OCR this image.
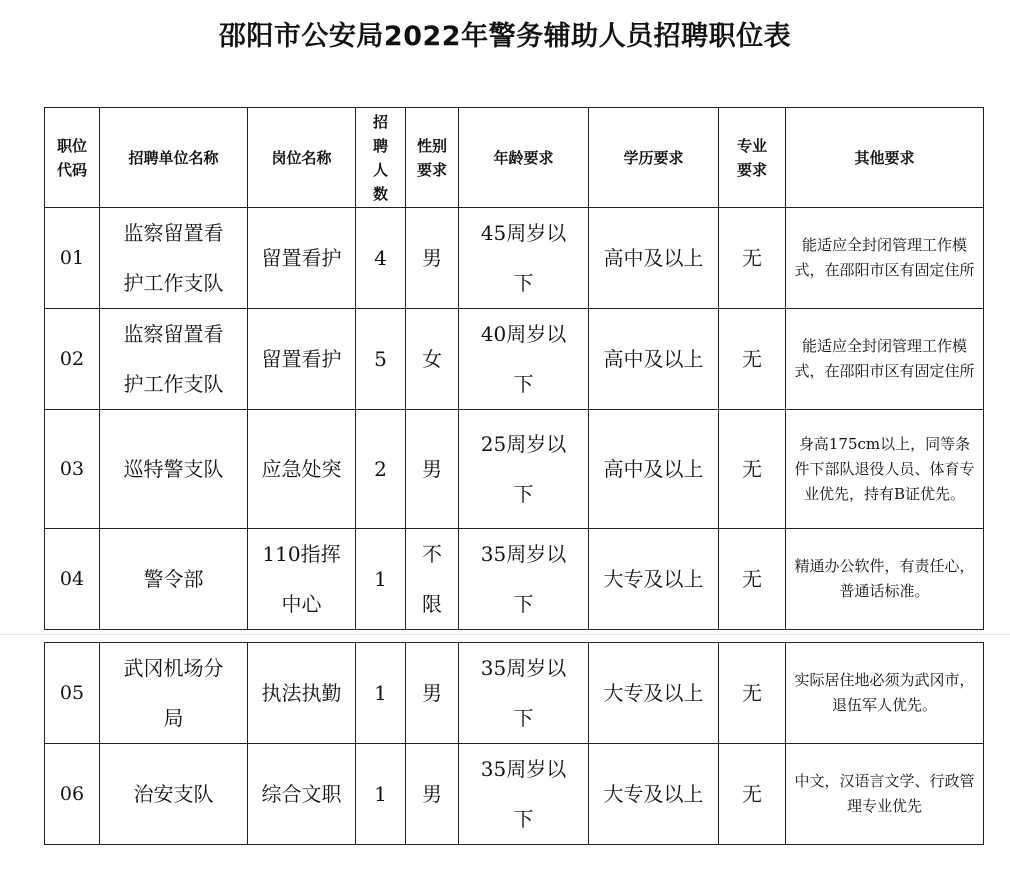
邵阳市公安局2022年警务辅助人员招聘职位表
职位代码	招聘单位名称	岗位名称	招聘人数	性别要求	年龄要求	学历要求	专业要求	其他要求
01	监察留置看护工作支队	留置看护	4	男	45周岁以下	高中及以上	无	能适应全封闭管理工作模式，在邵阳市区有固定住所
02	监察留置看护工作支队	留置看护	5	女	40周岁以下	高中及以上	无	能适应全封闭管理工作模式，在邵阳市区有固定住所
03	巡特警支队	应急处突	2	男	25周岁以下	高中及以上	无	身高175cm以上，同等条件下部队退役人员、体育专业优先，持有B证优先。
04	警令部	110指挥中心	1	不限	35周岁以下	大专及以上	无	精通办公软件，有责任心，普通话标准。
05	武冈机场分局	执法执勤	1	男	35周岁以下	大专及以上	无	实际居住地必须为武冈市，退伍军人优先。
06	治安支队	综合文职	1	男	35周岁以下	大专及以上	无	中文，汉语言文学、行政管理专业优先
